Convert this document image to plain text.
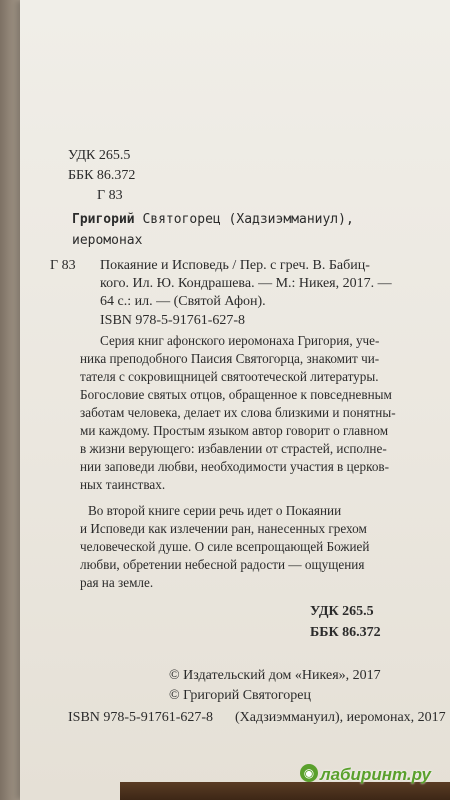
УДК 265.5
ББК 86.372
Г 83
Григорий Святогорец (Хадзиэмманиул),
иеромонах
Г 83 Покаяние и Исповедь / Пер. с греч. В. Бабиц-
кого. Ил. Ю. Кондрашева. — М.: Никея, 2017. —
64 с.: ил. — (Святой Афон).
ISBN 978-5-91761-627-8
Серия книг афонского иеромонаха Григория, уче-
ника преподобного Паисия Святогорца, знакомит чи-
тателя с сокровищницей святоотеческой литературы.
Богословие святых отцов, обращенное к повседневным
заботам человека, делает их слова близкими и понятны-
ми каждому. Простым языком автор говорит о главном
в жизни верующего: избавлении от страстей, исполне-
нии заповеди любви, необходимости участия в церков-
ных таинствах.
Во второй книге серии речь идет о Покаянии
и Исповеди как излечении ран, нанесенных грехом
человеческой душе. О силе всепрощающей Божией
любви, обретении небесной радости — ощущения
рая на земле.
УДК 265.5
ББК 86.372
© Издательский дом «Никея», 2017
© Григорий Святогорец
ISBN 978-5-91761-627-8 (Хадзиэммануил), иеромонах, 2017
◉ лабиринт.ру
